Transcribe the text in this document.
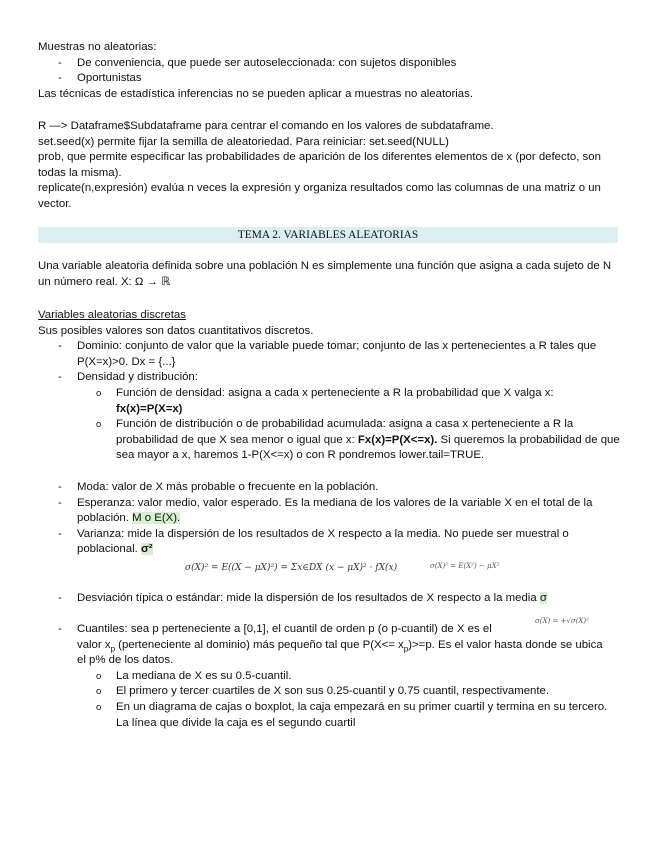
Muestras no aleatorias:
- De conveniencia, que puede ser autoseleccionada: con sujetos disponibles
- Oportunistas
Las técnicas de estadística inferencias no se pueden aplicar a muestras no aleatorias.
R —> Dataframe$Subdataframe para centrar el comando en los valores de subdataframe.
set.seed(x) permite fijar la semilla de aleatoriedad. Para reiniciar: set.seed(NULL)
prob, que permite especificar las probabilidades de aparición de los diferentes elementos de x (por defecto, son todas la misma).
replicate(n,expresión) evalúa n veces la expresión y organiza resultados como las columnas de una matriz o un vector.
TEMA 2. VARIABLES ALEATORIAS
Una variable aleatoria definida sobre una población N es simplemente una función que asigna a cada sujeto de N un número real. X: Ω → ℝ
Variables aleatorias discretas
Sus posibles valores son datos cuantitativos discretos.
- Dominio: conjunto de valor que la variable puede tomar; conjunto de las x pertenecientes a R tales que P(X=x)>0. Dx = {...}
- Densidad y distribución:
o Función de densidad: asigna a cada x perteneciente a R la probabilidad que X valga x:
fx(x)=P(X=x)
o Función de distribución o de probabilidad acumulada: asigna a casa x perteneciente a R la probabilidad de que X sea menor o igual que x: Fx(x)=P(X<=x). Si queremos la probabilidad de que sea mayor a x, haremos 1-P(X<=x) o con R pondremos lower.tail=TRUE.
- Moda: valor de X más probable o frecuente en la población.
- Esperanza: valor medio, valor esperado. Es la mediana de los valores de la variable X en el total de la población. M o E(X).
- Varianza: mide la dispersión de los resultados de X respecto a la media. No puede ser muestral o poblacional. σ²
σ(X)² = E((X − μX)²) = Σx∈DX (x − μX)² · fX(x)	σ(X)² = E(X²) − μX²
- Desviación típica o estándar: mide la dispersión de los resultados de X respecto a la media σ
σ(X) = +√σ(X)²
- Cuantiles: sea p perteneciente a [0,1], el cuantil de orden p (o p-cuantil) de X es el
valor $x_p$ (perteneciente al dominio) más pequeño tal que $P(X<= x_p)>=p$. Es el valor hasta donde se ubica
el p% de los datos.
o La mediana de X es su 0.5-cuantil.
o El primero y tercer cuartiles de X son sus 0.25-cuantil y 0.75 cuantil, respectivamente.
o En un diagrama de cajas o boxplot, la caja empezará en su primer cuartil y termina en su tercero. La línea que divide la caja es el segundo cuartil
